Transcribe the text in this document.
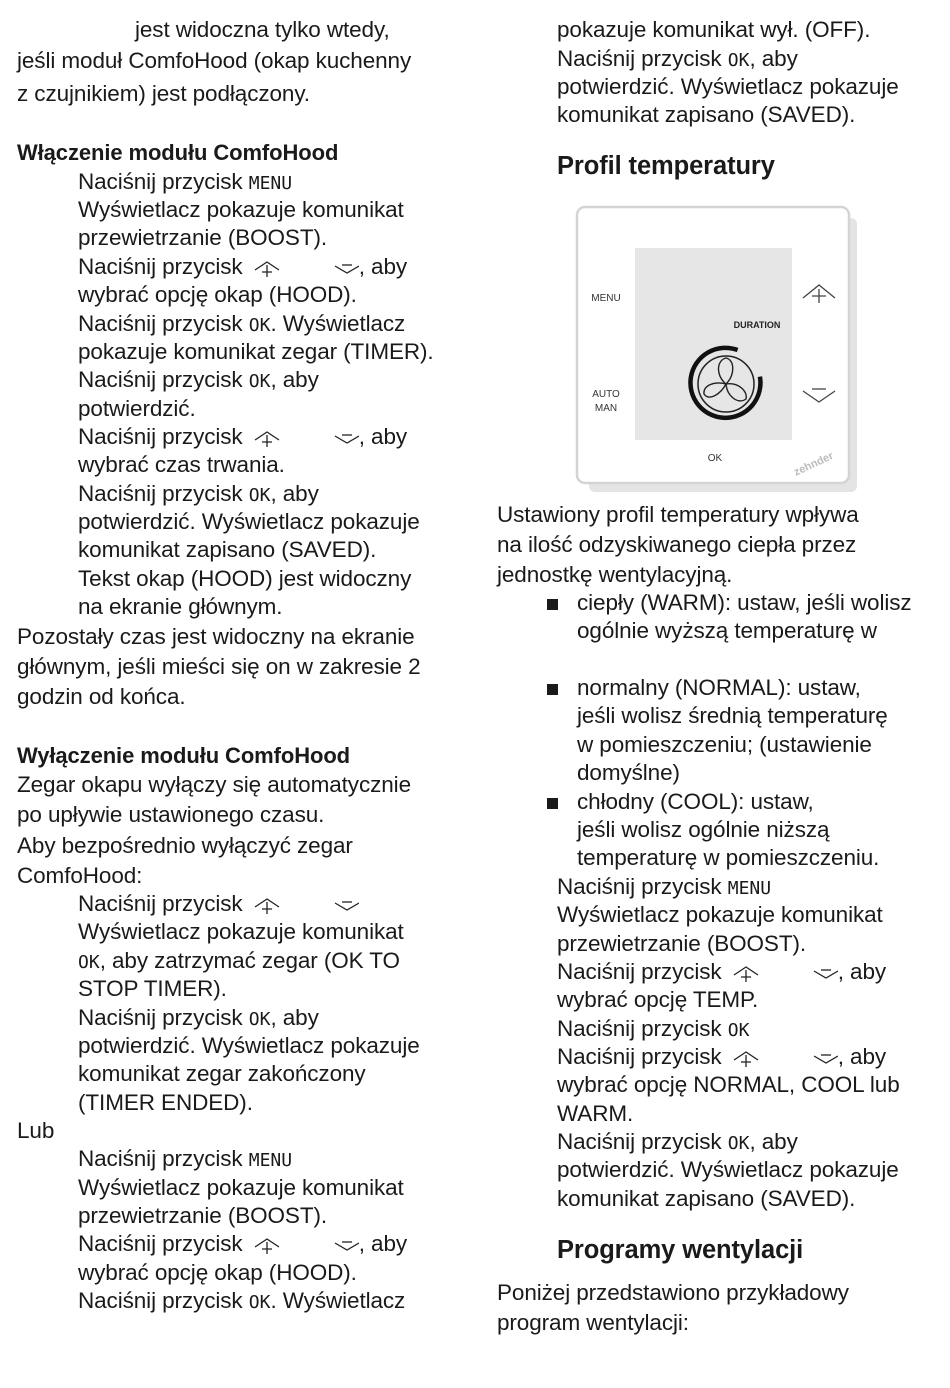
jest widoczna tylko wtedy,
jeśli moduł ComfoHood (okap kuchenny
z czujnikiem) jest podłączony.
Włączenie modułu ComfoHood
Naciśnij przycisk MENU
Wyświetlacz pokazuje komunikat
przewietrzanie (BOOST).
Naciśnij przycisk	, aby
wybrać opcję okap (HOOD).
Naciśnij przycisk OK. Wyświetlacz
pokazuje komunikat zegar (TIMER).
Naciśnij przycisk OK, aby
potwierdzić.
Naciśnij przycisk	, aby
wybrać czas trwania.
Naciśnij przycisk OK, aby
potwierdzić. Wyświetlacz pokazuje
komunikat zapisano (SAVED).
Tekst okap (HOOD) jest widoczny
na ekranie głównym.
Pozostały czas jest widoczny na ekranie
głównym, jeśli mieści się on w zakresie 2
godzin od końca.
Wyłączenie modułu ComfoHood
Zegar okapu wyłączy się automatycznie
po upływie ustawionego czasu.
Aby bezpośrednio wyłączyć zegar
ComfoHood:
Naciśnij przycisk
Wyświetlacz pokazuje komunikat
OK, aby zatrzymać zegar (OK TO
STOP TIMER).
Naciśnij przycisk OK, aby
potwierdzić. Wyświetlacz pokazuje
komunikat zegar zakończony
(TIMER ENDED).
Lub
Naciśnij przycisk MENU
Wyświetlacz pokazuje komunikat
przewietrzanie (BOOST).
Naciśnij przycisk	, aby
wybrać opcję okap (HOOD).
Naciśnij przycisk OK. Wyświetlacz
pokazuje komunikat wył. (OFF).
Naciśnij przycisk OK, aby
potwierdzić. Wyświetlacz pokazuje
komunikat zapisano (SAVED).
Profil temperatury
MENU
AUTO
MAN
DURATION
OK	zehnder
Ustawiony profil temperatury wpływa
na ilość odzyskiwanego ciepła przez
jednostkę wentylacyjną.
ciepły (WARM): ustaw, jeśli wolisz
ogólnie wyższą temperaturę w
normalny (NORMAL): ustaw,
jeśli wolisz średnią temperaturę
w pomieszczeniu; (ustawienie
domyślne)
chłodny (COOL): ustaw,
jeśli wolisz ogólnie niższą
temperaturę w pomieszczeniu.
Naciśnij przycisk MENU
Wyświetlacz pokazuje komunikat
przewietrzanie (BOOST).
Naciśnij przycisk	, aby
wybrać opcję TEMP.
Naciśnij przycisk OK
Naciśnij przycisk	, aby
wybrać opcję NORMAL, COOL lub
WARM.
Naciśnij przycisk OK, aby
potwierdzić. Wyświetlacz pokazuje
komunikat zapisano (SAVED).
Programy wentylacji
Poniżej przedstawiono przykładowy
program wentylacji:
